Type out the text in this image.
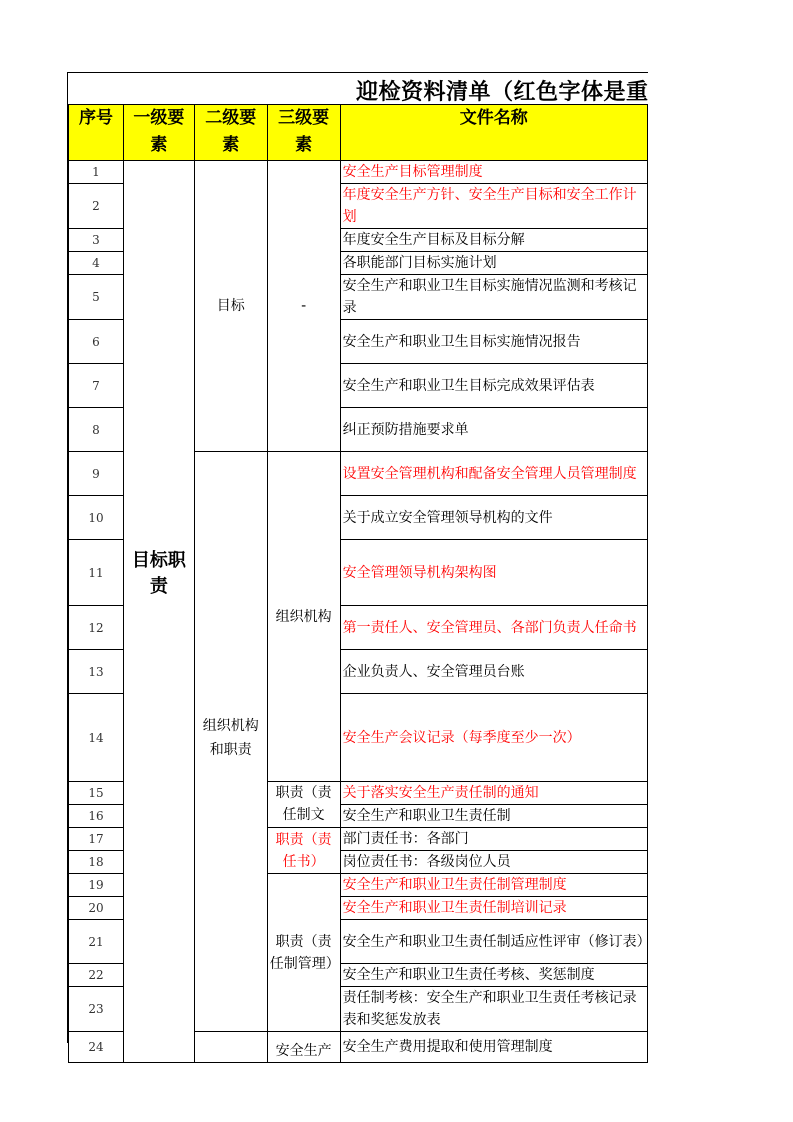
迎检资料清单（红色字体是重
序号	一级要素	二级要素	三级要素	文件名称
1	目标职责	目标	-	安全生产目标管理制度
2				年度安全生产方针、安全生产目标和安全工作计划
3				年度安全生产目标及目标分解
4				各职能部门目标实施计划
5				安全生产和职业卫生目标实施情况监测和考核记录
6				安全生产和职业卫生目标实施情况报告
7				安全生产和职业卫生目标完成效果评估表
8				纠正预防措施要求单
9		组织机构和职责	组织机构	设置安全管理机构和配备安全管理人员管理制度
10				关于成立安全管理领导机构的文件
11				安全管理领导机构架构图
12				第一责任人、安全管理员、各部门负责人任命书
13				企业负责人、安全管理员台账
14				安全生产会议记录（每季度至少一次）
15			职责（责任制文	关于落实安全生产责任制的通知
16				安全生产和职业卫生责任制
17			职责（责任书）	部门责任书：各部门
18				岗位责任书：各级岗位人员
19			职责（责任制管理）	安全生产和职业卫生责任制管理制度
20				安全生产和职业卫生责任制培训记录
21				安全生产和职业卫生责任制适应性评审（修订表）
22				安全生产和职业卫生责任考核、奖惩制度
23				责任制考核：安全生产和职业卫生责任考核记录表和奖惩发放表
24			安全生产	安全生产费用提取和使用管理制度
